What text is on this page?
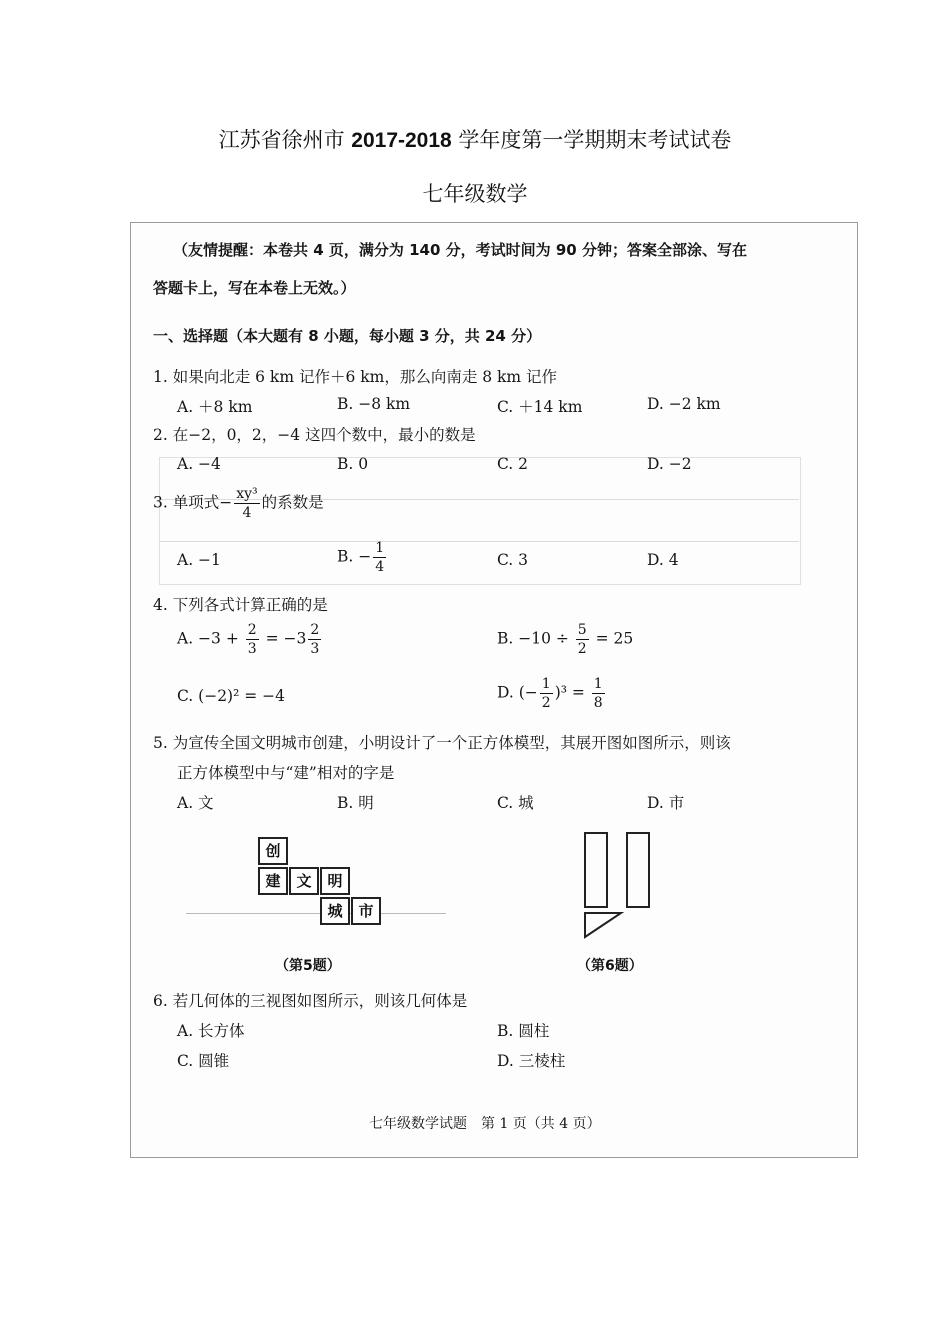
江苏省徐州市 2017-2018 学年度第一学期期末考试试卷
七年级数学
（友情提醒：本卷共 4 页，满分为 140 分，考试时间为 90 分钟；答案全部涂、写在
答题卡上，写在本卷上无效。）
一、选择题（本大题有 8 小题，每小题 3 分，共 24 分）
1. 如果向北走 6 km 记作＋6 km，那么向南走 8 km 记作
A. ＋8 km	B. −8 km	C. ＋14 km	D. −2 km
2. 在−2，0，2，−4 这四个数中，最小的数是
A. −4	B. 0	C. 2	D. −2
3. 单项式− $\frac{\text{xy³}}{4}$ 的系数是
A. −1	B. − $\frac{1}{4}$	C. 3	D. 4
4. 下列各式计算正确的是
A. $-3 + \frac{2}{3} = -3 \frac{2}{3}$	B. $-10 \div \frac{5}{2} = 25$
C. (−2)² = −4	D. (− $\frac{1}{2} )^3 = \frac{1}{8}$
5. 为宣传全国文明城市创建，小明设计了一个正方体模型，其展开图如图所示，则该
正方体模型中与“建”相对的字是
A. 文	B. 明	C. 城	D. 市
创
建	文	明
城	市
（第5题）	（第6题）
6. 若几何体的三视图如图所示，则该几何体是
A. 长方体	B. 圆柱
C. 圆锥	D. 三棱柱
七年级数学试题　第 1 页（共 4 页）
